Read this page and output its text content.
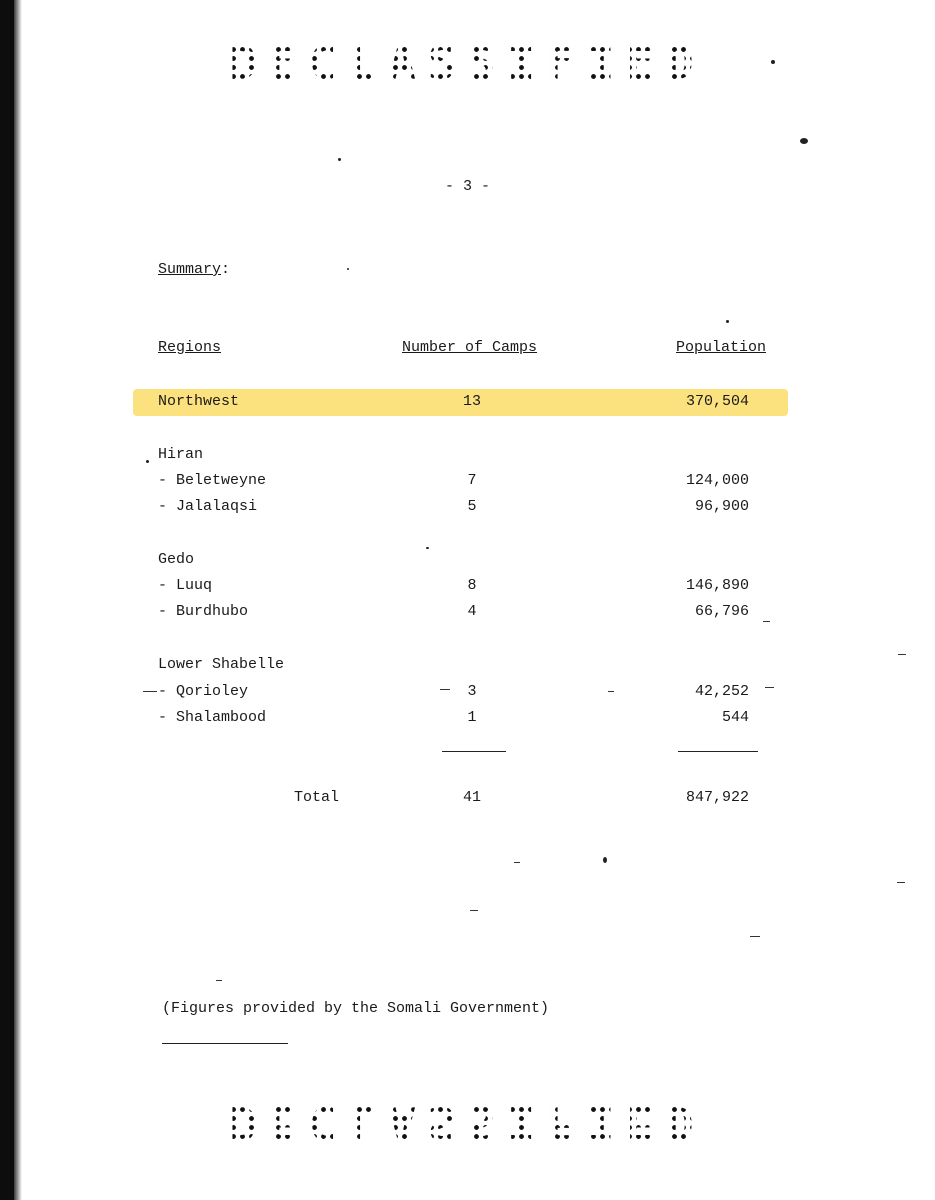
DECLASSIFIED
- 3 -
Summary:
Regions	Number of Camps	Population
Northwest	13	370,504
Hiran
- Beletweyne	7	124,000
- Jalalaqsi	5	96,900
Gedo
- Luuq	8	146,890
- Burdhubo	4	66,796
Lower Shabelle
- Qorioley	3	42,252
- Shalambood	1	544
Total	41	847,922
(Figures provided by the Somali Government)
DECLASSIFIED
